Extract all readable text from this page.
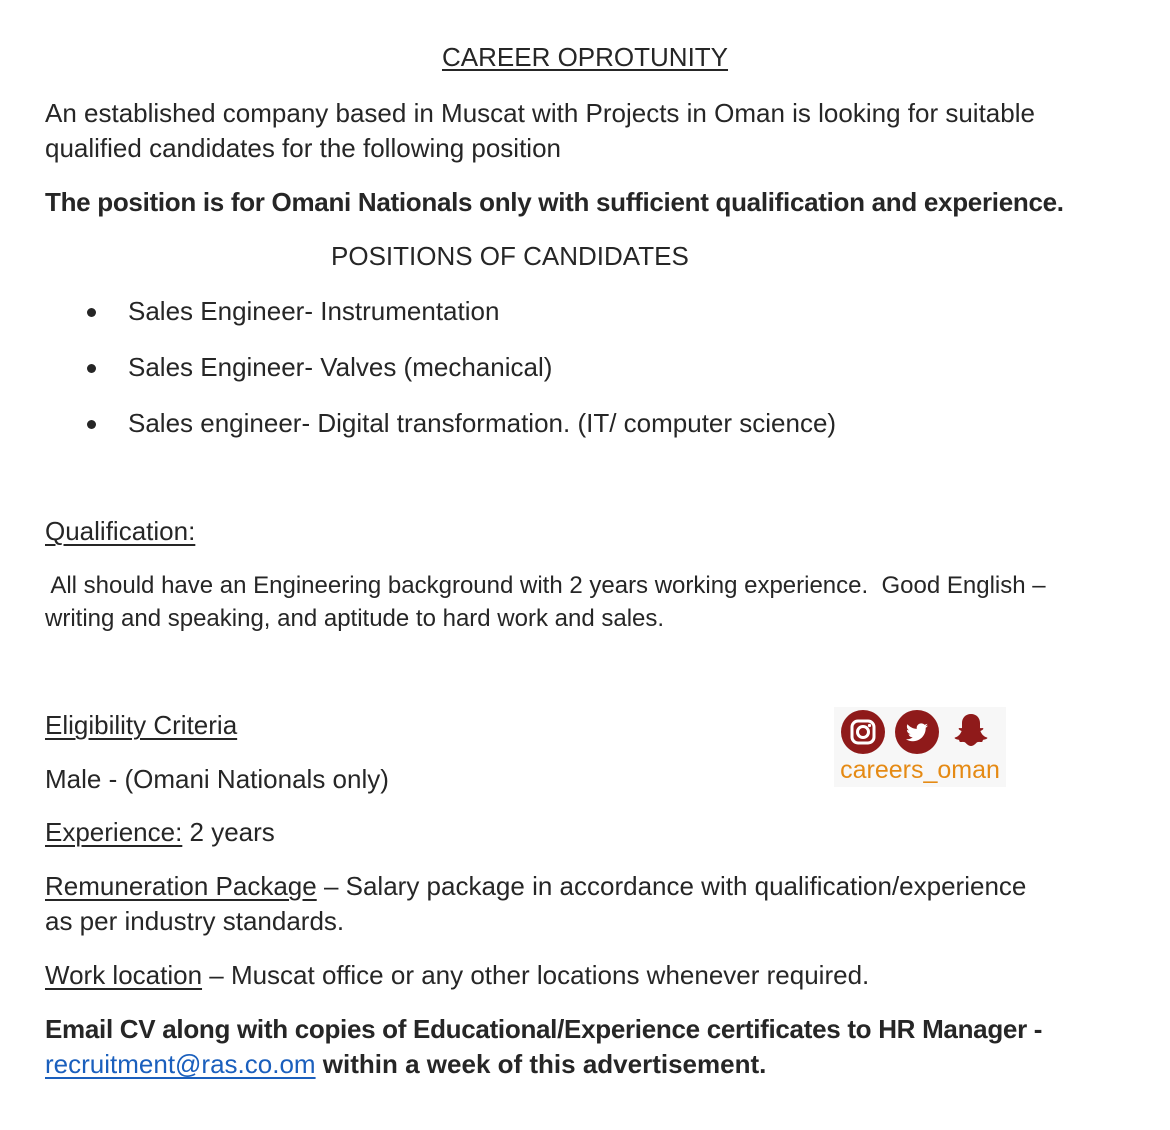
CAREER OPROTUNITY
An established company based in Muscat with Projects in Oman is looking for suitable
qualified candidates for the following position
The position is for Omani Nationals only with sufficient qualification and experience.
POSITIONS OF CANDIDATES
Sales Engineer- Instrumentation
Sales Engineer- Valves (mechanical)
Sales engineer- Digital transformation. (IT/ computer science)
Qualification:
All should have an Engineering background with 2 years working experience.  Good English –
writing and speaking, and aptitude to hard work and sales.
Eligibility Criteria
Male - (Omani Nationals only)
Experience: 2 years
Remuneration Package – Salary package in accordance with qualification/experience
as per industry standards.
Work location – Muscat office or any other locations whenever required.
Email CV along with copies of Educational/Experience certificates to HR Manager -
recruitment@ras.co.om within a week of this advertisement.
careers_oman
